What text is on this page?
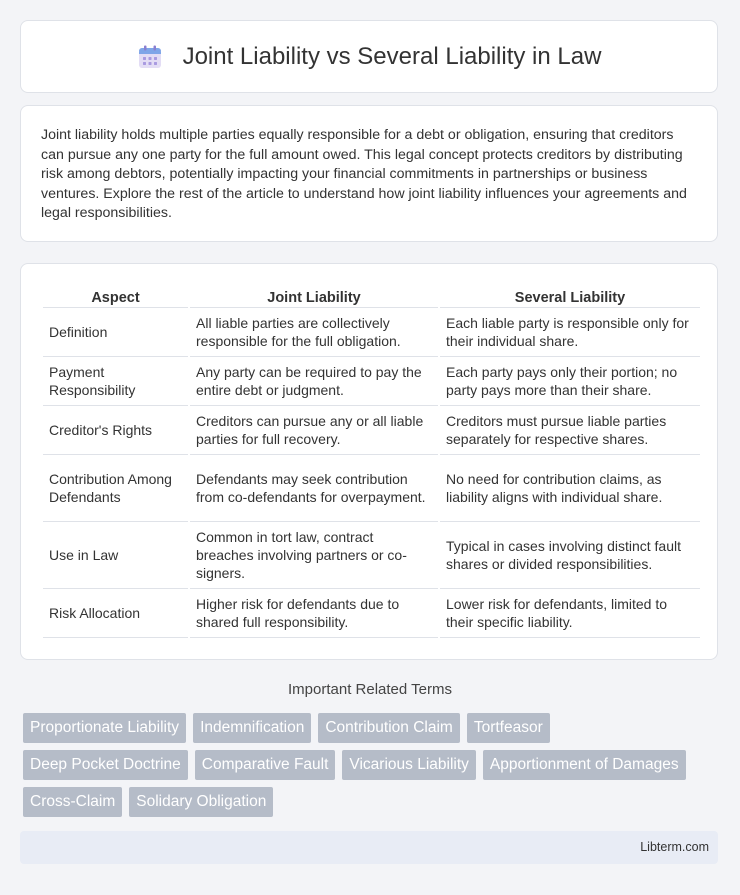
Joint Liability vs Several Liability in Law

Joint liability holds multiple parties equally responsible for a debt or obligation, ensuring that creditors can pursue any one party for the full amount owed. This legal concept protects creditors by distributing risk among debtors, potentially impacting your financial commitments in partnerships or business ventures. Explore the rest of the article to understand how joint liability influences your agreements and legal responsibilities.

Aspect	Joint Liability	Several Liability
Definition	All liable parties are collectively responsible for the full obligation.	Each liable party is responsible only for their individual share.
Payment Responsibility	Any party can be required to pay the entire debt or judgment.	Each party pays only their portion; no party pays more than their share.
Creditor's Rights	Creditors can pursue any or all liable parties for full recovery.	Creditors must pursue liable parties separately for respective shares.
Contribution Among Defendants	Defendants may seek contribution from co-defendants for overpayment.	No need for contribution claims, as liability aligns with individual share.
Use in Law	Common in tort law, contract breaches involving partners or co-signers.	Typical in cases involving distinct fault shares or divided responsibilities.
Risk Allocation	Higher risk for defendants due to shared full responsibility.	Lower risk for defendants, limited to their specific liability.
Important Related Terms
Proportionate Liability	Indemnification	Contribution Claim	Tortfeasor
Deep Pocket Doctrine	Comparative Fault	Vicarious Liability	Apportionment of Damages
Cross-Claim	Solidary Obligation
Libterm.com
